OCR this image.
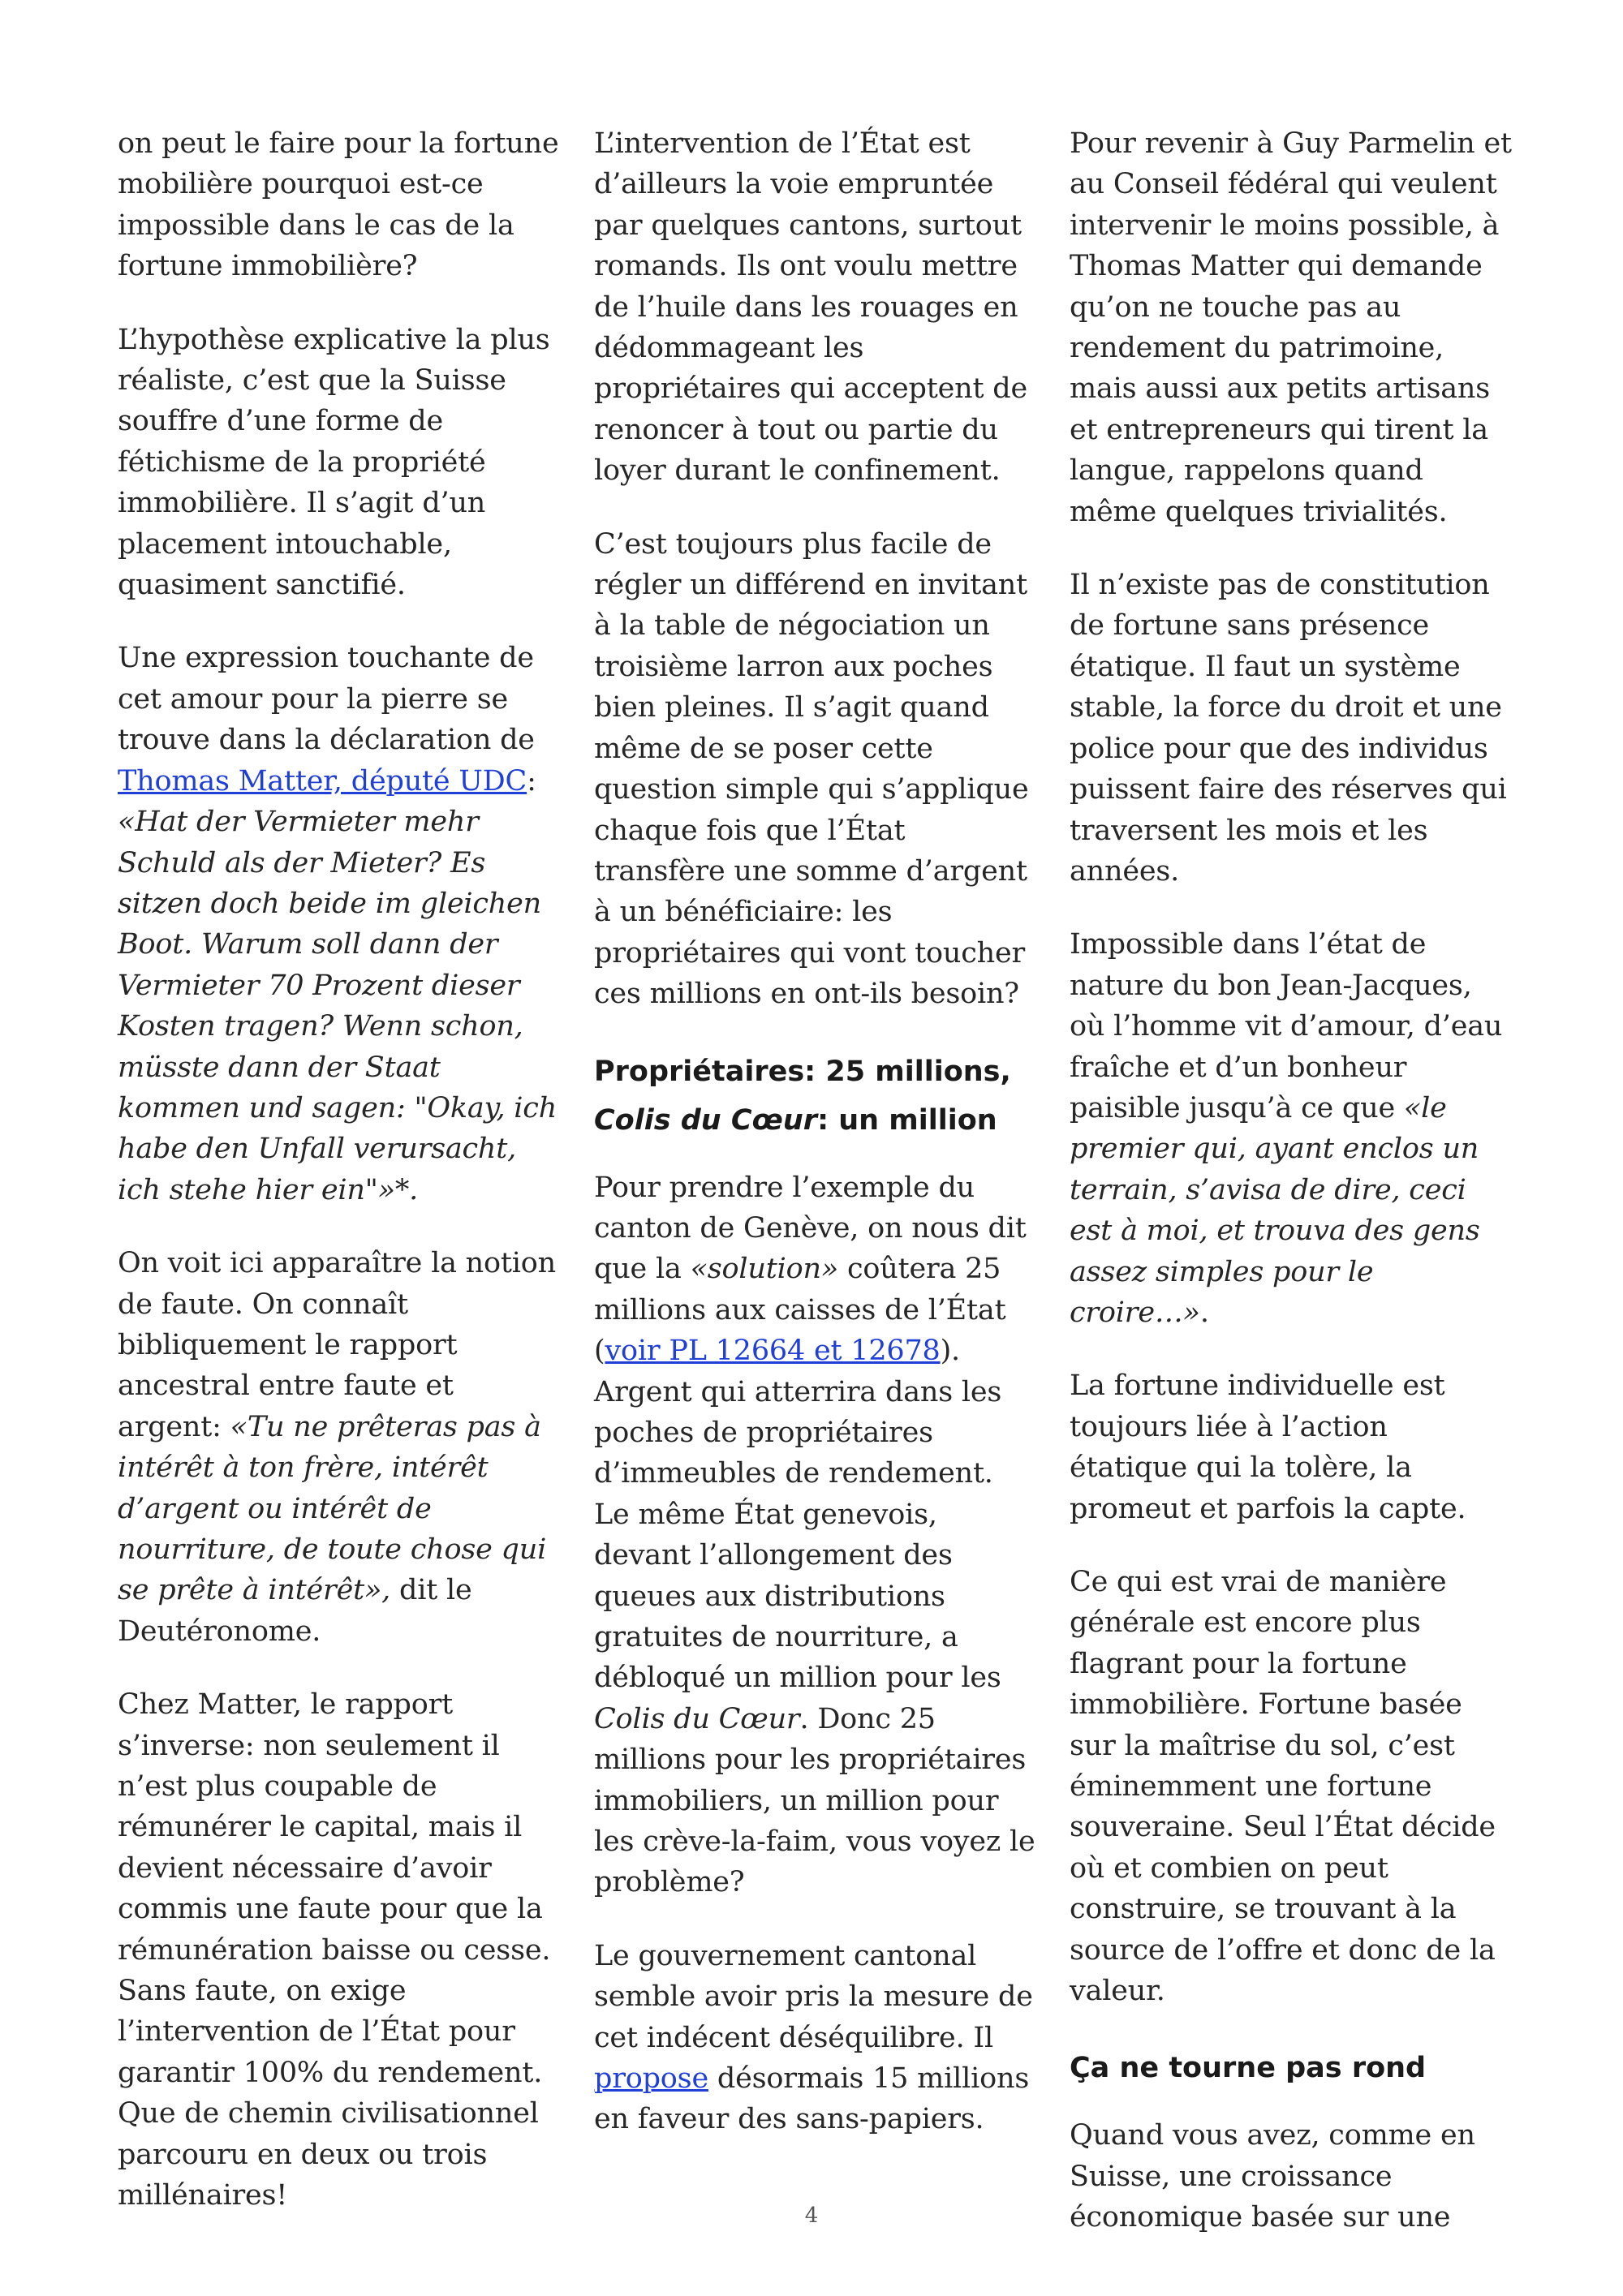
on peut le faire pour la fortune mobilière pourquoi est-ce impossible dans le cas de la fortune immobilière?

L’hypothèse explicative la plus réaliste, c’est que la Suisse souffre d’une forme de fétichisme de la propriété immobilière. Il s’agit d’un placement intouchable, quasiment sanctifié.

Une expression touchante de cet amour pour la pierre se trouve dans la déclaration de Thomas Matter, député UDC: «Hat der Vermieter mehr Schuld als der Mieter? Es sitzen doch beide im gleichen Boot. Warum soll dann der Vermieter 70 Prozent dieser Kosten tragen? Wenn schon, müsste dann der Staat kommen und sagen: "Okay, ich habe den Unfall verursacht, ich stehe hier ein"»*.

On voit ici apparaître la notion de faute. On connaît bibliquement le rapport ancestral entre faute et argent: «Tu ne prêteras pas à intérêt à ton frère, intérêt d’argent ou intérêt de nourriture, de toute chose qui se prête à intérêt», dit le Deutéronome.

Chez Matter, le rapport s’inverse: non seulement il n’est plus coupable de rémunérer le capital, mais il devient nécessaire d’avoir commis une faute pour que la rémunération baisse ou cesse. Sans faute, on exige l’intervention de l’État pour garantir 100% du rendement. Que de chemin civilisationnel parcouru en deux ou trois millénaires!

L’intervention de l’État est d’ailleurs la voie empruntée par quelques cantons, surtout romands. Ils ont voulu mettre de l’huile dans les rouages en dédommageant les propriétaires qui acceptent de renoncer à tout ou partie du loyer durant le confinement.

C’est toujours plus facile de régler un différend en invitant à la table de négociation un troisième larron aux poches bien pleines. Il s’agit quand même de se poser cette question simple qui s’applique chaque fois que l’État transfère une somme d’argent à un bénéficiaire: les propriétaires qui vont toucher ces millions en ont-ils besoin?

Propriétaires: 25 millions, Colis du Cœur: un million

Pour prendre l’exemple du canton de Genève, on nous dit que la «solution» coûtera 25 millions aux caisses de l’État (voir PL 12664 et 12678). Argent qui atterrira dans les poches de propriétaires d’immeubles de rendement. Le même État genevois, devant l’allongement des queues aux distributions gratuites de nourriture, a débloqué un million pour les Colis du Cœur. Donc 25 millions pour les propriétaires immobiliers, un million pour les crève-la-faim, vous voyez le problème?

Le gouvernement cantonal semble avoir pris la mesure de cet indécent déséquilibre. Il propose désormais 15 millions en faveur des sans-papiers.

Pour revenir à Guy Parmelin et au Conseil fédéral qui veulent intervenir le moins possible, à Thomas Matter qui demande qu’on ne touche pas au rendement du patrimoine, mais aussi aux petits artisans et entrepreneurs qui tirent la langue, rappelons quand même quelques trivialités.

Il n’existe pas de constitution de fortune sans présence étatique. Il faut un système stable, la force du droit et une police pour que des individus puissent faire des réserves qui traversent les mois et les années.

Impossible dans l’état de nature du bon Jean-Jacques, où l’homme vit d’amour, d’eau fraîche et d’un bonheur paisible jusqu’à ce que «le premier qui, ayant enclos un terrain, s’avisa de dire, ceci est à moi, et trouva des gens assez simples pour le croire…».

La fortune individuelle est toujours liée à l’action étatique qui la tolère, la promeut et parfois la capte.

Ce qui est vrai de manière générale est encore plus flagrant pour la fortune immobilière. Fortune basée sur la maîtrise du sol, c’est éminemment une fortune souveraine. Seul l’État décide où et combien on peut construire, se trouvant à la source de l’offre et donc de la valeur.

Ça ne tourne pas rond

Quand vous avez, comme en Suisse, une croissance économique basée sur une

4
